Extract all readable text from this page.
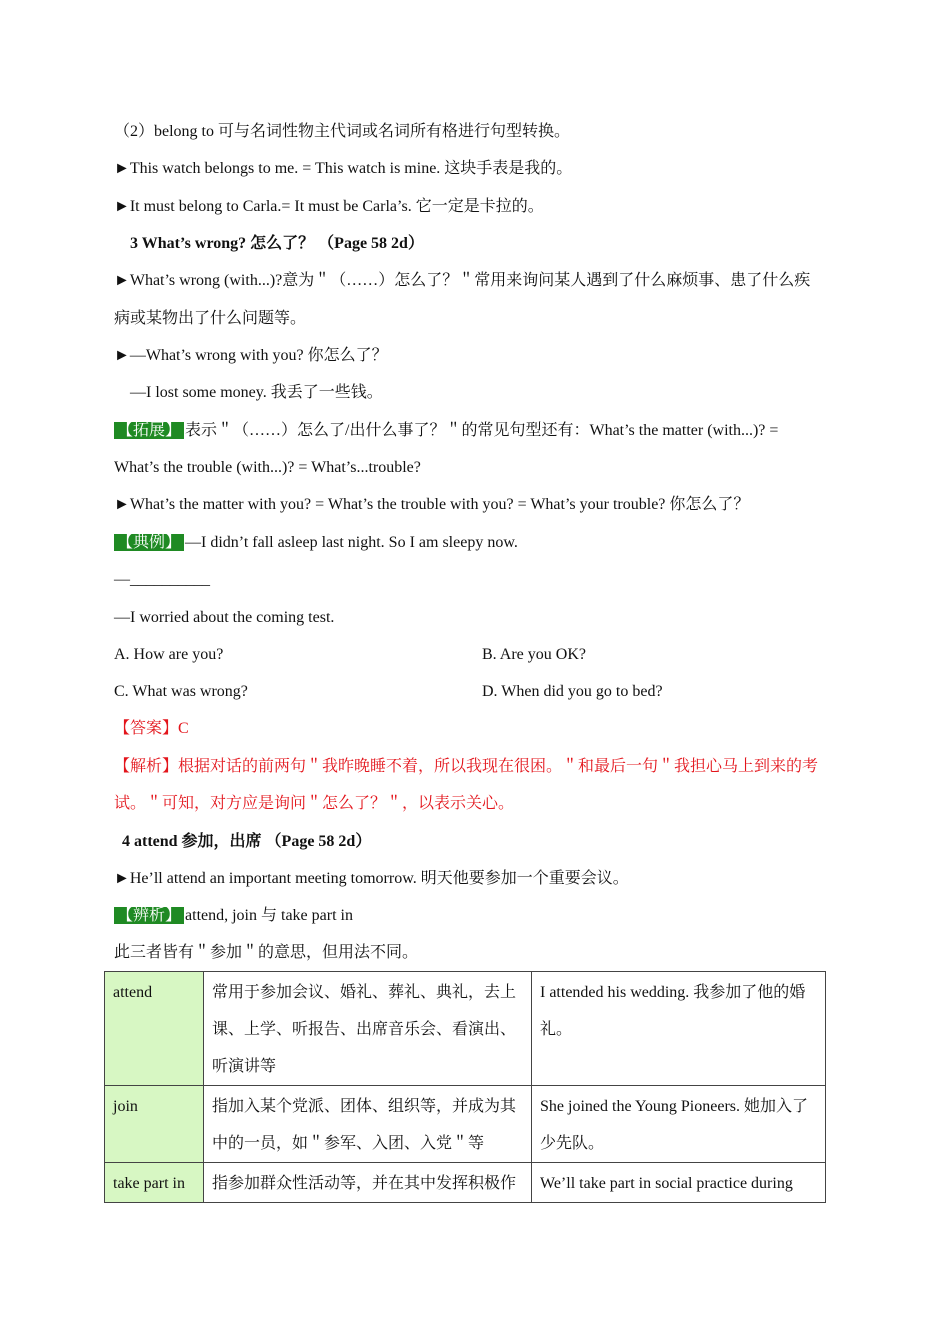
（2）belong to 可与名词性物主代词或名词所有格进行句型转换。
►This watch belongs to me. = This watch is mine. 这块手表是我的。
►It must belong to Carla.= It must be Carla’s. 它一定是卡拉的。
3 What’s wrong? 怎么了？ （Page 58 2d）
►What’s wrong (with...)?意为＂（……）怎么了？＂常用来询问某人遇到了什么麻烦事、患了什么疾
病或某物出了什么问题等。
►—What’s wrong with you? 你怎么了？
—I lost some money. 我丢了一些钱。
【拓展】 表示＂（……）怎么了/出什么事了？＂的常见句型还有：What’s the matter (with...)? =
What’s the trouble (with...)? = What’s...trouble?
►What’s the matter with you? = What’s the trouble with you? = What’s your trouble? 你怎么了？
【典例】 —I didn’t fall asleep last night. So I am sleepy now.
—__________
—I worried about the coming test.
A. How are you?	B. Are you OK?
C. What was wrong?	D. When did you go to bed?
【答案】C
【解析】根据对话的前两句＂我昨晚睡不着，所以我现在很困。＂和最后一句＂我担心马上到来的考
试。＂可知，对方应是询问＂怎么了？＂，以表示关心。
4 attend 参加，出席 （Page 58 2d）
►He’ll attend an important meeting tomorrow. 明天他要参加一个重要会议。
【辨析】 attend, join 与 take part in
此三者皆有＂参加＂的意思，但用法不同。
attend	常用于参加会议、婚礼、葬礼、典礼，去上课、上学、听报告、出席音乐会、看演出、听演讲等	I attended his wedding. 我参加了他的婚礼。
join	指加入某个党派、团体、组织等，并成为其中的一员，如＂参军、入团、入党＂等	She joined the Young Pioneers. 她加入了少先队。
take part in	指参加群众性活动等，并在其中发挥积极作	We’ll take part in social practice during
